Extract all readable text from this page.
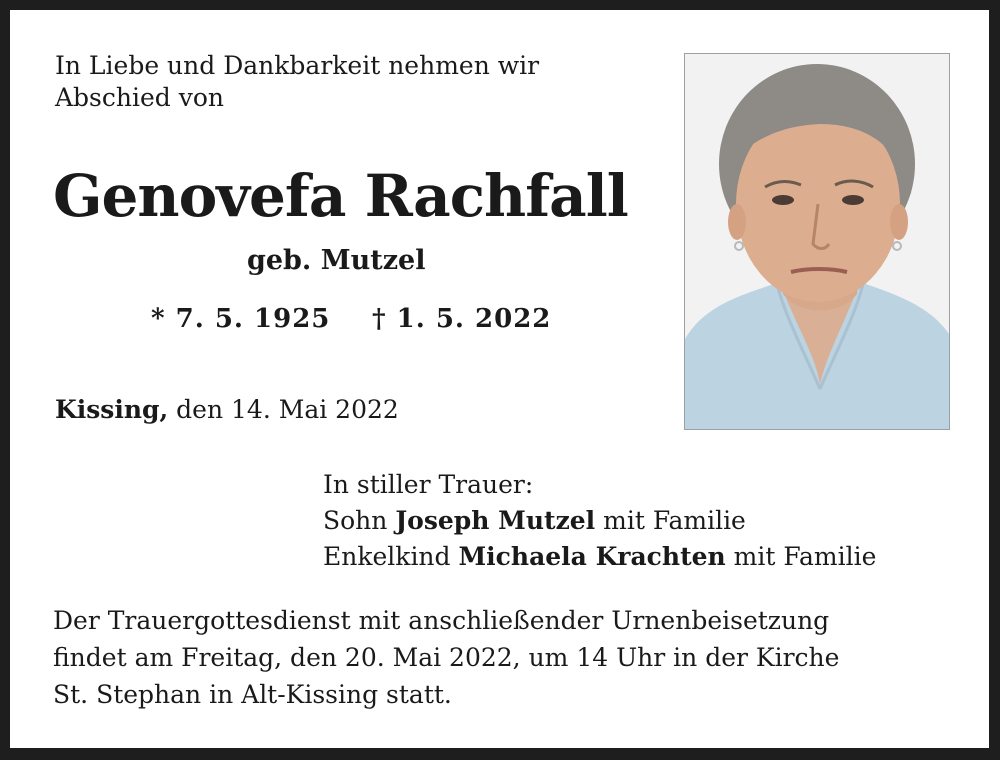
In Liebe und Dankbarkeit nehmen wir
Abschied von
Genovefa Rachfall
geb. Mutzel
* 7. 5. 1925 † 1. 5. 2022
Kissing, den 14. Mai 2022
In stiller Trauer:
Sohn Joseph Mutzel mit Familie
Enkelkind Michaela Krachten mit Familie
Der Trauergottesdienst mit anschließender Urnenbeisetzung
findet am Freitag, den 20. Mai 2022, um 14 Uhr in der Kirche
St. Stephan in Alt-Kissing statt.
